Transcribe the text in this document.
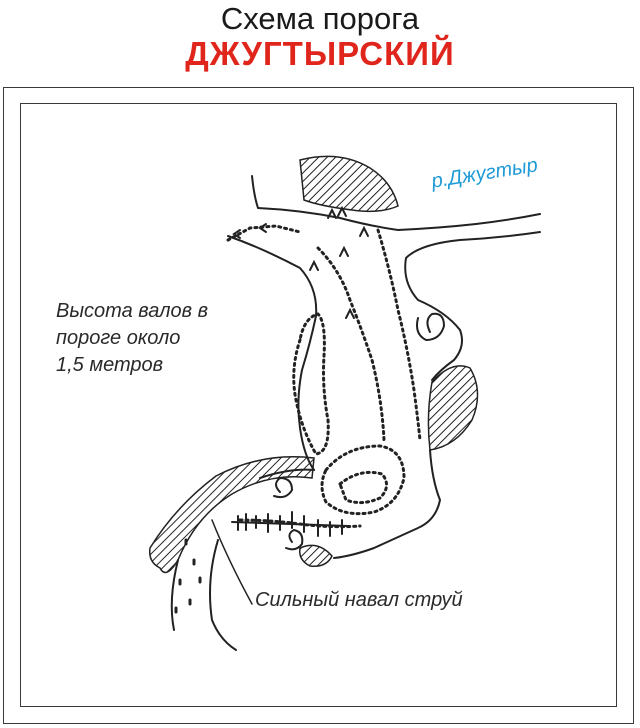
Схема порога
ДЖУГТЫРСКИЙ
р.Джугтыр
Высота валов в
пороге около
1,5 метров
Сильный навал струй
